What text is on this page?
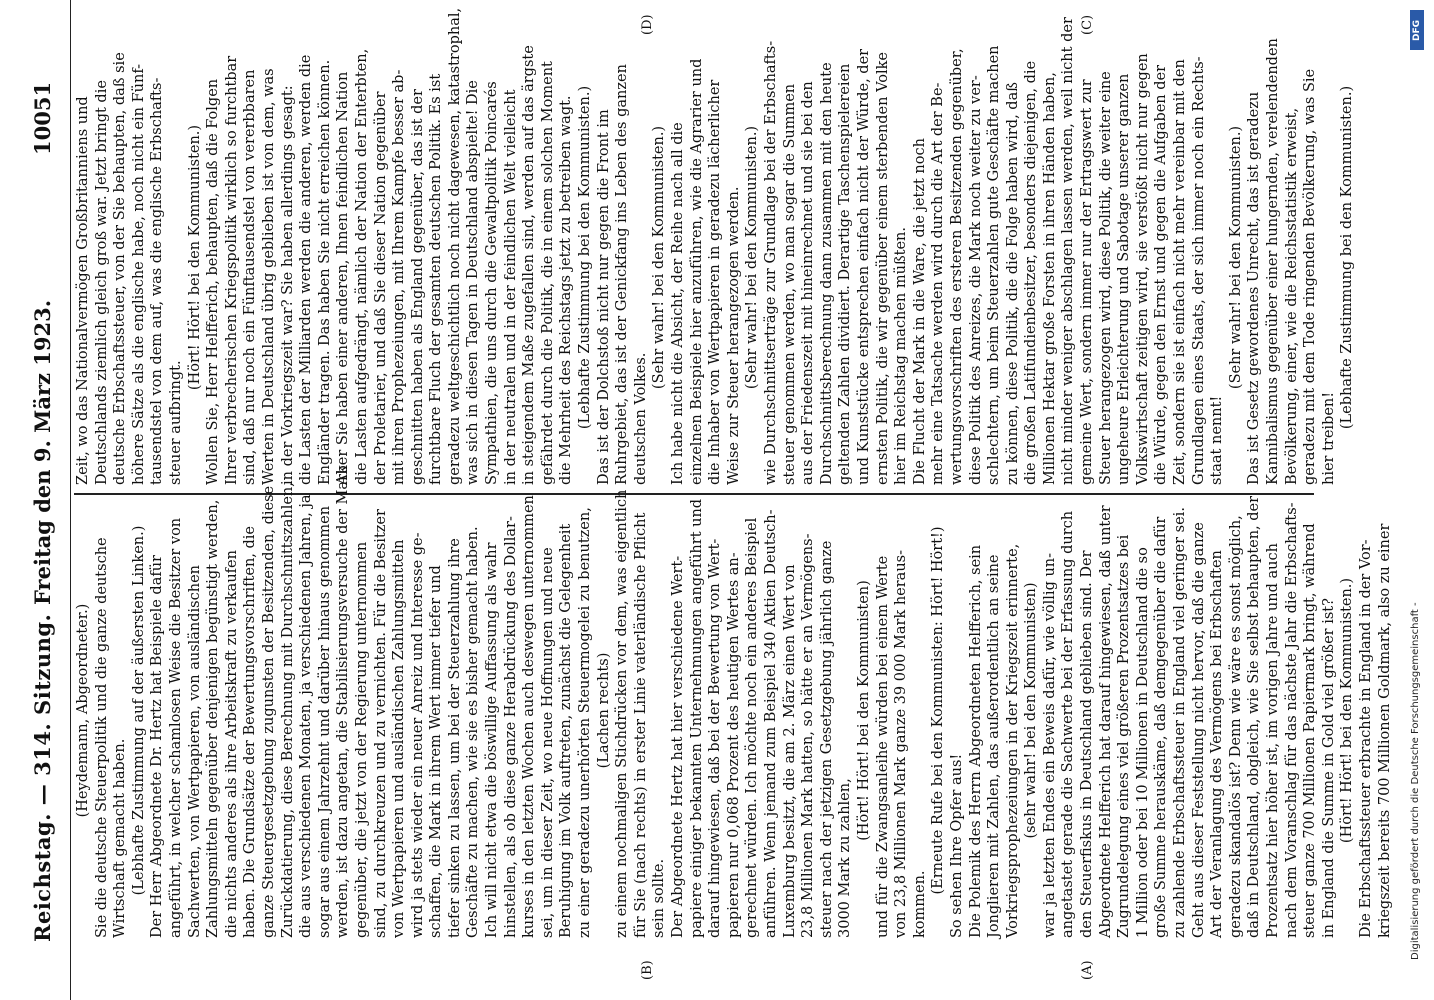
Reichstag. — 314. Sitzung.
Freitag den 9. März 1923.
10051
(Heydemann, Abgeordneter.) Sie die deutsche Steuerpolitik und die ganze deutsche Wirtschaft gemacht haben. (Lebhafte Zustimmung auf der äußersten Linken.) Der Herr Abgeordnete Dr. Hertz hat Beispiele dafür angeführt, in welcher schamlosen Weise die Besitzer von Sachwerten, von Wertpapieren, von ausländischen Zahlungsmitteln gegenüber denjenigen begünstigt werden, die nichts anderes als ihre Arbeitskraft zu verkaufen haben. Die Grundsätze der Bewertungsvorschriften, die ganze Steuergesetzgebung zugunsten der Besitzenden, diese Zurückdatierung, diese Berechnung mit Durchschnittszahlen, die aus verschiedenen Monaten, ja verschiedenen Jahren, ja sogar aus einem Jahrzehnt und darüber hinaus genommen werden, ist dazu angetan, die Stabilisierungsversuche der Mark gegenüber, die jetzt von der Regierung unternommen sind, zu durchkreuzen und zu vernichten. Für die Besitzer von Wertpapieren und ausländischen Zahlungsmitteln wird ja stets wieder ein neuer Anreiz und Interesse ge- schaffen, die Mark in ihrem Wert immer tiefer und tiefer sinken zu lassen, um bei der Steuerzahlung ihre Geschäfte zu machen, wie sie es bisher gemacht haben. Ich will nicht etwa die böswillige Auffassung als wahr hinstellen, als ob diese ganze Herabdrückung des Dollar- kurses in den letzten Wochen auch deswegen unternommen sei, um in dieser Zeit, wo neue Hoffnungen und neue Beruhigung im Volk auftreten, zunächst die Gelegenheit zu einer geradezu unerhörten Steuermogelei zu benutzen, (Lachen rechts) zu einem nochmaligen Stichdrücken vor dem, was eigentlich für Sie (nach rechts) in erster Linie vaterländische Pflicht sein sollte. Der Abgeordnete Hertz hat hier verschiedene Wert- papiere einiger bekannten Unternehmungen angeführt und darauf hingewiesen, daß bei der Bewertung von Wert- papieren nur 0,068 Prozent des heutigen Wertes an- gerechnet würden. Ich möchte noch ein anderes Beispiel anführen. Wenn jemand zum Beispiel 340 Aktien Deutsch- Luxemburg besitzt, die am 2. März einen Wert von 23,8 Millionen Mark hatten, so hätte er an Vermögens- steuer nach der jetzigen Gesetzgebung jährlich ganze 3000 Mark zu zahlen,
(Hört! Hört! bei den Kommunisten) und für die Zwangsanleihe würden bei einem Werte von 23,8 Millionen Mark ganze 39 000 Mark heraus- kommen.
(Erneute Rufe bei den Kommunisten: Hört! Hört!) So sehen Ihre Opfer aus! Die Polemik des Herrn Abgeordneten Helfferich, sein Jonglieren mit Zahlen, das außerordentlich an seine Vorkriegsprophezeiungen in der Kriegszeit erinnerte, (sehr wahr! bei den Kommunisten) war ja letzten Endes ein Beweis dafür, wie völlig un- angetastet gerade die Sachwerte bei der Erfassung durch den Steuerfiskus in Deutschland geblieben sind. Der Abgeordnete Helfferich hat darauf hingewiesen, daß unter Zugrundelegung eines viel größeren Prozentsatzes bei 1 Million oder bei 10 Millionen in Deutschland die so große Summe herauskäme, daß demgegenüber die dafür zu zahlende Erbschaftssteuer in England viel geringer sei. Geht aus dieser Feststellung nicht hervor, daß die ganze Art der Veranlagung des Vermögens bei Erbschaften geradezu skandalös ist? Denn wie wäre es sonst möglich, daß in Deutschland, obgleich, wie Sie selbst behaupten, der Prozentsatz hier höher ist, im vorigen Jahre und auch nach dem Voranschlag für das nächste Jahr die Erbschafts- steuer ganze 700 Millionen Papiermark bringt, während in England die Summe in Gold viel größer ist? (Hört! Hört! bei den Kommunisten.) Die Erbschaftssteuer erbrachte in England in der Vor- kriegszeit bereits 700 Millionen Goldmark, also zu einer
Zeit, wo das Nationalvermögen Großbritanniens und Deutschlands ziemlich gleich groß war. Jetzt bringt die deutsche Erbschaftssteuer, von der Sie behaupten, daß sie höhere Sätze als die englische habe, noch nicht ein Fünf- tausendstel von dem auf, was die englische Erbschafts- steuer aufbringt.
(Hört! Hört! bei den Kommunisten.) Wollen Sie, Herr Helfferich, behaupten, daß die Folgen Ihrer verbrecherischen Kriegspolitik wirklich so furchtbar sind, daß nur noch ein Fünftausendstel von vererbbaren Werten in Deutschland übrig geblieben ist von dem, was in der Vorkriegszeit war? Sie haben allerdings gesagt: die Lasten der Milliarden werden die anderen, werden die Engländer tragen. Das haben Sie nicht erreichen können. Aber Sie haben einer anderen, Ihnen feindlichen Nation die Lasten aufgedrängt, nämlich der Nation der Enterbten, der Proletarier, und daß Sie dieser Nation gegenüber mit ihren Prophezeiungen, mit Ihrem Kampfe besser ab- geschnitten haben als England gegenüber, das ist der furchtbare Fluch der gesamten deutschen Politik. Es ist geradezu weltgeschichtlich noch nicht dagewesen, katastrophal, was sich in diesen Tagen in Deutschland abspielte! Die Sympathien, die uns durch die Gewaltpolitik Poincarés in der neutralen und in der feindlichen Welt vielleicht in steigendem Maße zugefallen sind, werden auf das ärgste gefährdet durch die Politik, die in einem solchen Moment die Mehrheit des Reichstags jetzt zu betreiben wagt. (Lebhafte Zustimmung bei den Kommunisten.) Das ist der Dolchstoß nicht nur gegen die Front im Ruhrgebiet, das ist der Genickfang ins Leben des ganzen deutschen Volkes.
(Sehr wahr! bei den Kommunisten.) Ich habe nicht die Absicht, der Reihe nach all die einzelnen Beispiele hier anzuführen, wie die Agrarier und die Inhaber von Wertpapieren in geradezu lächerlicher Weise zur Steuer herangezogen werden. (Sehr wahr! bei den Kommunisten.) wie Durchschnittserträge zur Grundlage bei der Erbschafts- steuer genommen werden, wo man sogar die Summen aus der Friedenszeit mit hineinrechnet und sie bei den Durchschnittsberechnung dann zusammen mit den heute geltenden Zahlen dividiert. Derartige Taschenspielereien und Kunststücke entsprechen einfach nicht der Würde, der ernsten Politik, die wir gegenüber einem sterbenden Volke hier im Reichstag machen müßten. Die Flucht der Mark in die Ware, die jetzt noch mehr eine Tatsache werden wird durch die Art der Be- wertungsvorschriften des ersteren Besitzenden gegenüber, diese Politik des Anreizes, die Mark noch weiter zu ver- schlechtern, um beim Steuerzahlen gute Geschäfte machen zu können, diese Politik, die die Folge haben wird, daß die großen Latifundienbesitzer, besonders diejenigen, die Millionen Hektar große Forsten in ihren Händen haben, nicht minder weniger abschlagen lassen werden, weil nicht der gemeine Wert, sondern immer nur der Ertragswert zur Steuer herangezogen wird, diese Politik, die weiter eine ungeheure Erleichterung und Sabotage unserer ganzen Volkswirtschaft zeitigen wird, sie verstößt nicht nur gegen die Würde, gegen den Ernst und gegen die Aufgaben der Zeit, sondern sie ist einfach nicht mehr vereinbar mit den Grundlagen eines Staats, der sich immer noch ein Rechts- staat nennt!
(Sehr wahr! bei den Kommunisten.) Das ist Gesetz gewordenes Unrecht, das ist geradezu Kannibalismus gegenüber einer hungernden, verelendenden Bevölkerung, einer, wie die Reichsstatistik erweist, geradezu mit dem Tode ringenden Bevölkerung, was Sie hier treiben!
(Lebhafte Zustimmung bei den Kommunisten.)
(A)
(B)
(C)
(D)	DFG
Digitalisierung gefördert durch die Deutsche Forschungsgemeinschaft -
